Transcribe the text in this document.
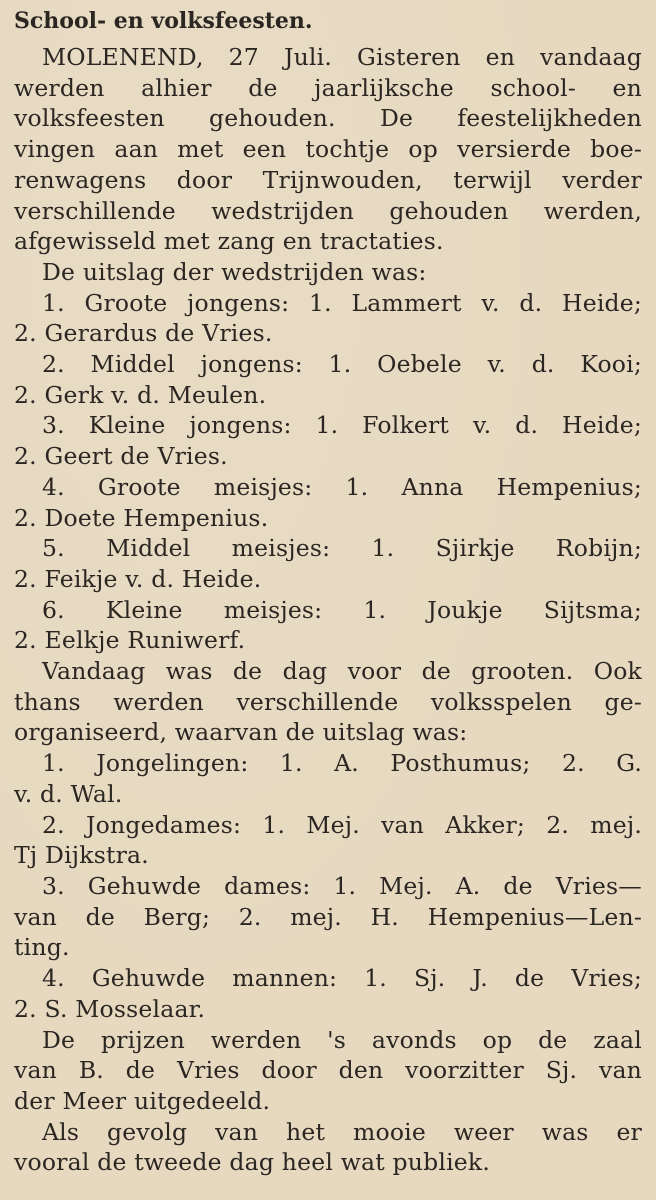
School- en volksfeesten.
MOLENEND, 27 Juli. Gisteren en vandaag
werden alhier de jaarlijksche school- en
volksfeesten gehouden. De feestelijkheden
vingen aan met een tochtje op versierde boe-
renwagens door Trijnwouden, terwijl verder
verschillende wedstrijden gehouden werden,
afgewisseld met zang en tractaties.
De uitslag der wedstrijden was:
1. Groote jongens: 1. Lammert v. d. Heide;
2. Gerardus de Vries.
2. Middel jongens: 1. Oebele v. d. Kooi;
2. Gerk v. d. Meulen.
3. Kleine jongens: 1. Folkert v. d. Heide;
2. Geert de Vries.
4. Groote meisjes: 1. Anna Hempenius;
2. Doete Hempenius.
5. Middel meisjes: 1. Sjirkje Robijn;
2. Feikje v. d. Heide.
6. Kleine meisjes: 1. Joukje Sijtsma;
2. Eelkje Runiwerf.
Vandaag was de dag voor de grooten. Ook
thans werden verschillende volksspelen ge-
organiseerd, waarvan de uitslag was:
1. Jongelingen: 1. A. Posthumus; 2. G.
v. d. Wal.
2. Jongedames: 1. Mej. van Akker; 2. mej.
Tj Dijkstra.
3. Gehuwde dames: 1. Mej. A. de Vries—
van de Berg; 2. mej. H. Hempenius—Len-
ting.
4. Gehuwde mannen: 1. Sj. J. de Vries;
2. S. Mosselaar.
De prijzen werden 's avonds op de zaal
van B. de Vries door den voorzitter Sj. van
der Meer uitgedeeld.
Als gevolg van het mooie weer was er
vooral de tweede dag heel wat publiek.
